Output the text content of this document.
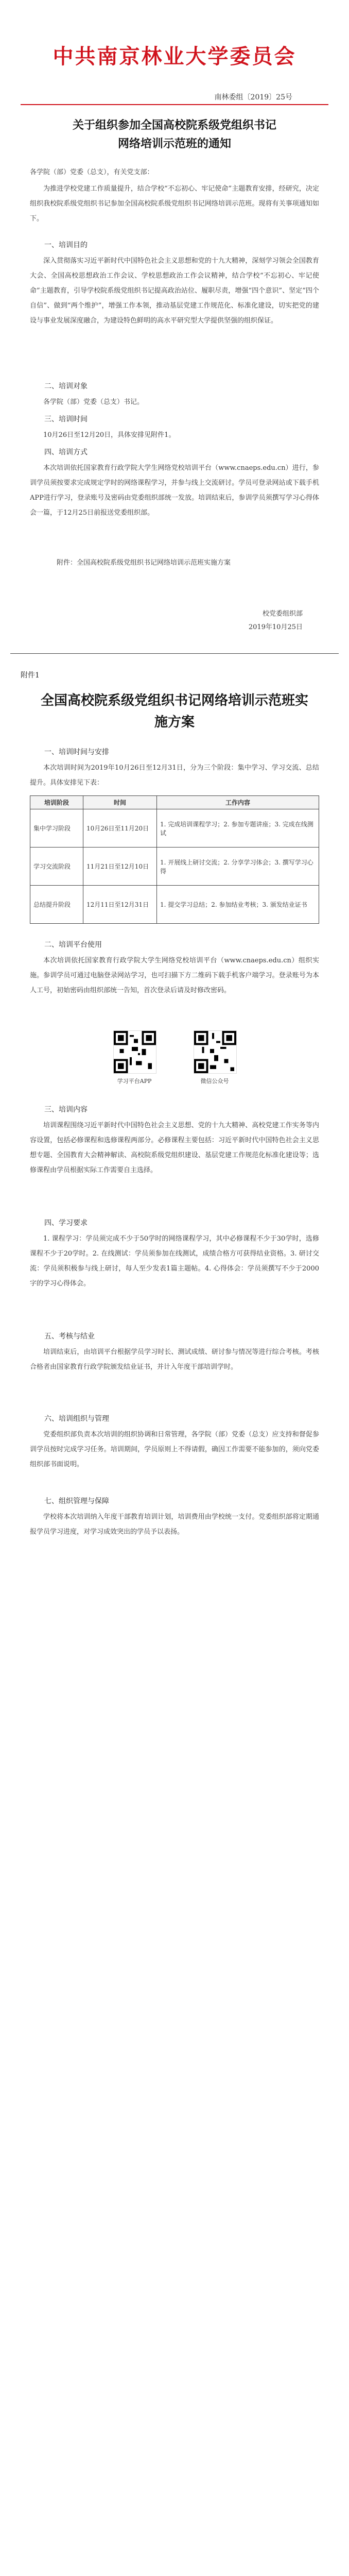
中共南京林业大学委员会
南林委组〔2019〕25号
关于组织参加全国高校院系级党组织书记
网络培训示范班的通知
各学院（部）党委（总支），有关党支部：
为推进学校党建工作质量提升，结合学校“不忘初心、牢记使命”主题教育安排，经研究，决定组织我校院系级党组织书记参加全国高校院系级党组织书记网络培训示范班。现将有关事项通知如下。
一、培训目的
深入贯彻落实习近平新时代中国特色社会主义思想和党的十九大精神，深刻学习领会全国教育大会、全国高校思想政治工作会议、学校思想政治工作会议精神，结合学校“不忘初心、牢记使命”主题教育，引导学校院系级党组织书记提高政治站位、履职尽责，增强“四个意识”、坚定“四个自信”、做到“两个维护”，增强工作本领，推动基层党建工作规范化、标准化建设，切实把党的建设与事业发展深度融合，为建设特色鲜明的高水平研究型大学提供坚强的组织保证。
二、培训对象
各学院（部）党委（总支）书记。
三、培训时间
10月26日至12月20日，具体安排见附件1。
四、培训方式
本次培训依托国家教育行政学院大学生网络党校培训平台（www.cnaeps.edu.cn）进行，参训学员须按要求完成规定学时的网络课程学习，并参与线上交流研讨。学员可登录网站或下载手机APP进行学习，登录账号及密码由党委组织部统一发放。培训结束后，参训学员须撰写学习心得体会一篇，于12月25日前报送党委组织部。
附件：全国高校院系级党组织书记网络培训示范班实施方案
校党委组织部
2019年10月25日
附件1
全国高校院系级党组织书记网络培训示范班实
施方案
一、培训时间与安排
本次培训时间为2019年10月26日至12月31日，分为三个阶段：集中学习、学习交流、总结提升。具体安排见下表：
培训阶段	时间	工作内容
集中学习阶段	10月26日至11月20日	1. 完成培训课程学习；2. 参加专题讲座；3. 完成在线测试
学习交流阶段	11月21日至12月10日	1. 开展线上研讨交流；2. 分享学习体会；3. 撰写学习心得
总结提升阶段	12月11日至12月31日	1. 提交学习总结；2. 参加结业考核；3. 颁发结业证书
二、培训平台使用
本次培训依托国家教育行政学院大学生网络党校培训平台（www.cnaeps.edu.cn）组织实施。参训学员可通过电脑登录网站学习，也可扫描下方二维码下载手机客户端学习。登录账号为本人工号，初始密码由组织部统一告知，首次登录后请及时修改密码。
学习平台APP	微信公众号
三、培训内容
培训课程围绕习近平新时代中国特色社会主义思想、党的十九大精神、高校党建工作实务等内容设置，包括必修课程和选修课程两部分。必修课程主要包括：习近平新时代中国特色社会主义思想专题、全国教育大会精神解读、高校院系级党组织建设、基层党建工作规范化标准化建设等；选修课程由学员根据实际工作需要自主选择。
四、学习要求
1. 课程学习：学员须完成不少于50学时的网络课程学习，其中必修课程不少于30学时，选修课程不少于20学时。2. 在线测试：学员须参加在线测试，成绩合格方可获得结业资格。3. 研讨交流：学员须积极参与线上研讨，每人至少发表1篇主题帖。4. 心得体会：学员须撰写不少于2000字的学习心得体会。
五、考核与结业
培训结束后，由培训平台根据学员学习时长、测试成绩、研讨参与情况等进行综合考核。考核合格者由国家教育行政学院颁发结业证书，并计入年度干部培训学时。
六、培训组织与管理
党委组织部负责本次培训的组织协调和日常管理，各学院（部）党委（总支）应支持和督促参训学员按时完成学习任务。培训期间，学员原则上不得请假，确因工作需要不能参加的，须向党委组织部书面说明。
七、组织管理与保障
学校将本次培训纳入年度干部教育培训计划，培训费用由学校统一支付。党委组织部将定期通报学员学习进度，对学习成效突出的学员予以表扬。
